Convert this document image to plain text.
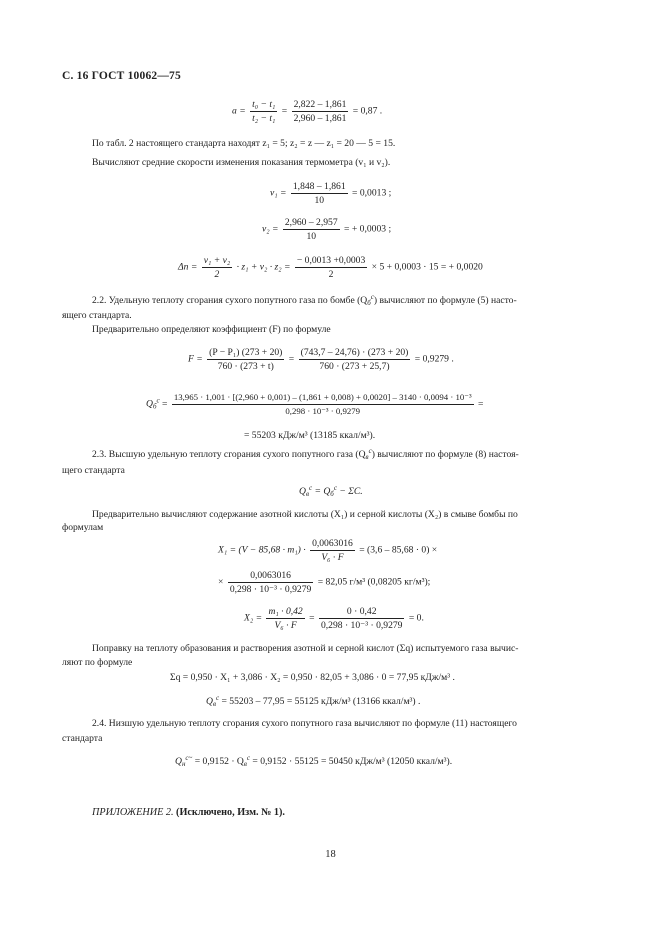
С. 16 ГОСТ 10062—75
$a = \frac{\text{t₀ − t₁}}{\text{t₂ − t₁}} = \frac{2,822 - 1,861}{2,960 - 1,861} = 0,87$ .
По табл. 2 настоящего стандарта находят z₁ = 5; z₂ = z — z₁ = 20 — 5 = 15.
Вычисляют средние скорости изменения показания термометра (v₁ и v₂).
$v_1 = \frac{1,848 - 1,861}{10} = 0,0013$ ;
$v_2 = \frac{2,960 - 2,957}{10}$ = + 0,0003 ;
$\Delta n = \frac{\text{v₁ + v₂}}{2} \cdot z_1 + v_2 \cdot z_2 = \frac{- 0,0013 +0,0003}{2} \times 5 + 0,0003 \cdot 15$ = + 0,0020
2.2. Удельную теплоту сгорания сухого попутного газа по бомбе $(Q_б^с)$ вычисляют по формуле (5) насто-
ящего стандарта.
Предварительно определяют коэффициент (F) по формуле
$F = \frac{\text{(P − P₁) (273 + 20)}}{760 \cdot (273 + t)} = \frac{(743,7 - 24,76) \cdot (273 + 20)}{760 \cdot (273 + 25,7)} = 0,9279$ .
$Q_б^с$ =
13,965 · 1,001 · [(2,960 + 0,001) – (1,861 + 0,008) + 0,0020] – 3140 · 0,0094 · 10⁻³
0,298 · 10⁻³ · 0,9279
=
= 55203 кДж/м³ (13185 ккал/м³).
2.3. Высшую удельную теплоту сгорания сухого попутного газа $(Q_в^с)$ вычисляют по формуле (8) настоя-
щего стандарта
$Q_в^с = Q_б^с - \Sigma C$.
Предварительно вычисляют содержание азотной кислоты (X₁) и серной кислоты (X₂) в смыве бомбы по
формулам
$X_1 = (V - 85,68 \cdot m_1) \cdot \frac{0,0063016}{\text{V₆ · F}} = (3,6 - 85,68 \cdot 0)$ ×
× $\frac{0,0063016}{\text{0,298 · 10⁻³ · 0,9279}} = 82,05$ г/м³ (0,08205 кг/м³);
$X_2 = \frac{\text{m₁ · 0,42}}{\text{V₆ · F}} = \frac{0 \cdot 0,42}{\text{0,298 · 10⁻³ · 0,9279}} = 0$.
Поправку на теплоту образования и растворения азотной и серной кислот (Σq) испытуемого газа вычис-
ляют по формуле
Σq = 0,950 · X₁ + 3,086 · X₂ = 0,950 · 82,05 + 3,086 · 0 = 77,95 кДж/м³ .
$Q_в^с = 55203 - 77,95 = 55125$ кДж/м³ (13166 ккал/м³) .
2.4. Низшую удельную теплоту сгорания сухого попутного газа вычисляют по формуле (11) настоящего
стандарта
$Q_н^{с\sim} = 0,9152 \cdot Q_в^с = 0,9152 \cdot 55125 = 50450$ кДж/м³ (12050 ккал/м³).
ПРИЛОЖЕНИЕ 2. (Исключено, Изм. № 1).
18
